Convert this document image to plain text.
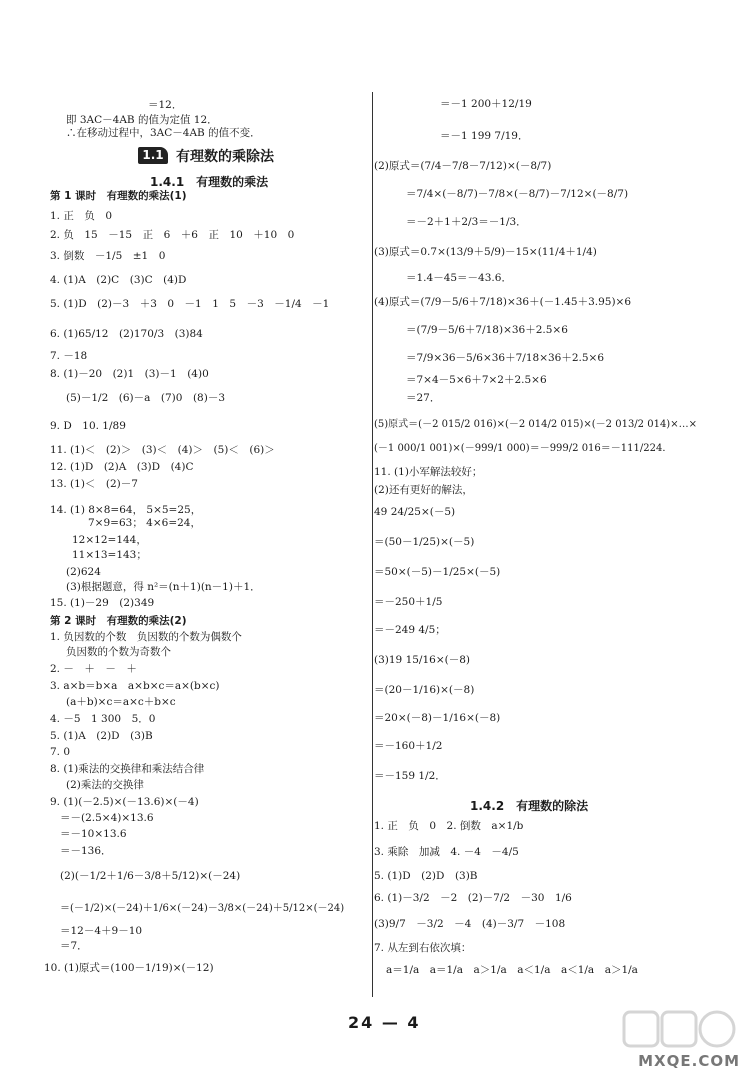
＝12．
即 3AC－4AB 的值为定值 12．
∴在移动过程中，3AC－4AB 的值不变．
1.1 有理数的乘除法
1.4.1　有理数的乘法
第 1 课时　有理数的乘法(1)
1. 正　负　0
2. 负　15　－15　正　6　＋6　正　10　＋10　0
3. 倒数　－1/5　±1　0
4. (1)A　(2)C　(3)C　(4)D
5. (1)D　(2)－3　＋3　0　－1　1　5　－3　－1/4　－1
6. (1)65/12　(2)170/3　(3)84
7. －18
8. (1)－20　(2)1　(3)－1　(4)0
(5)－1/2　(6)－a　(7)0　(8)－3
9. D　10. 1/89
11. (1)＜　(2)＞　(3)＜　(4)＞　(5)＜　(6)＞
12. (1)D　(2)A　(3)D　(4)C
13. (1)＜　(2)－7
14. (1) 8×8=64， 5×5=25，
7×9=63； 4×6=24，
12×12=144，
11×13=143；
(2)624
(3)根据题意，得 n²＝(n＋1)(n－1)＋1．
15. (1)－29　(2)349
第 2 课时　有理数的乘法(2)
1. 负因数的个数　负因数的个数为偶数个
负因数的个数为奇数个
2. －　＋　－　＋
3. a×b＝b×a　a×b×c＝a×(b×c)
(a＋b)×c＝a×c＋b×c
4. －5　1 300　5．0
5. (1)A　(2)D　(3)B
7. 0
8. (1)乘法的交换律和乘法结合律
(2)乘法的交换律
9. (1)(－2.5)×(－13.6)×(－4)
＝－(2.5×4)×13.6
＝－10×13.6
＝－136．
(2)(－1/2＋1/6－3/8＋5/12)×(－24)
＝(－1/2)×(－24)＋1/6×(－24)－3/8×(－24)＋5/12×(－24)
＝12－4＋9－10
＝7．
10. (1)原式＝(100－1/19)×(－12)
＝－1 200＋12/19
＝－1 199 7/19．
(2)原式＝(7/4－7/8－7/12)×(－8/7)
＝7/4×(－8/7)－7/8×(－8/7)－7/12×(－8/7)
＝－2＋1＋2/3＝－1/3．
(3)原式＝0.7×(13/9＋5/9)－15×(11/4＋1/4)
＝1.4－45＝－43.6．
(4)原式＝(7/9－5/6＋7/18)×36＋(－1.45＋3.95)×6
＝(7/9－5/6＋7/18)×36＋2.5×6
＝7/9×36－5/6×36＋7/18×36＋2.5×6
＝7×4－5×6＋7×2＋2.5×6
＝27．
(5)原式＝(－2 015/2 016)×(－2 014/2 015)×(－2 013/2 014)×…×
(－1 000/1 001)×(－999/1 000)＝－999/2 016＝－111/224．
11. (1)小军解法较好；
(2)还有更好的解法，
49 24/25×(－5)
＝(50－1/25)×(－5)
＝50×(－5)－1/25×(－5)
＝－250＋1/5
＝－249 4/5；
(3)19 15/16×(－8)
＝(20－1/16)×(－8)
＝20×(－8)－1/16×(－8)
＝－160＋1/2
＝－159 1/2．
1.4.2　有理数的除法
1. 正　负　0　2. 倒数　a×1/b
3. 乘除　加减　4. －4　－4/5
5. (1)D　(2)D　(3)B
6. (1)－3/2　－2　(2)－7/2　－30　1/6
(3)9/7　－3/2　－4　(4)－3/7　－108
7. 从左到右依次填：
a＝1/a　a＝1/a　a＞1/a　a＜1/a　a＜1/a　a＞1/a
24 — 4
MXQE.COM
